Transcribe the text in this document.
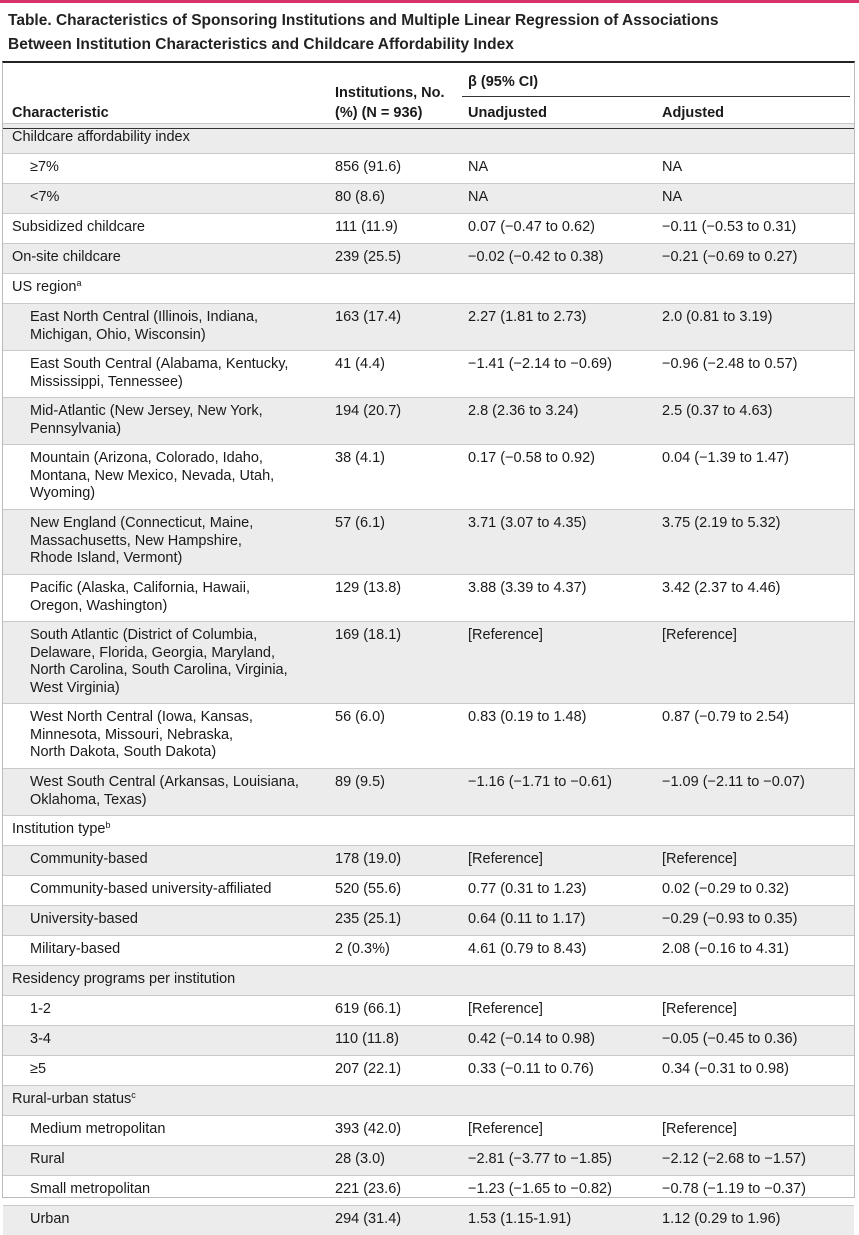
Table. Characteristics of Sponsoring Institutions and Multiple Linear Regression of Associations
Between Institution Characteristics and Childcare Affordability Index
Characteristic
Institutions, No.
(%) (N = 936)
β (95% CI)
Unadjusted	Adjusted
Childcare affordability index
≥7%	856 (91.6)	NA	NA
<7%	80 (8.6)	NA	NA
Subsidized childcare	111 (11.9)	0.07 (−0.47 to 0.62)	−0.11 (−0.53 to 0.31)
On-site childcare	239 (25.5)	−0.02 (−0.42 to 0.38)	−0.21 (−0.69 to 0.27)
US region$^a$
East North Central (Illinois, Indiana,
Michigan, Ohio, Wisconsin)
163 (17.4)	2.27 (1.81 to 2.73)	2.0 (0.81 to 3.19)
East South Central (Alabama, Kentucky,
Mississippi, Tennessee)
41 (4.4)	−1.41 (−2.14 to −0.69)	−0.96 (−2.48 to 0.57)
Mid-Atlantic (New Jersey, New York,
Pennsylvania)
194 (20.7)	2.8 (2.36 to 3.24)	2.5 (0.37 to 4.63)
Mountain (Arizona, Colorado, Idaho,
Montana, New Mexico, Nevada, Utah,
Wyoming)
38 (4.1)	0.17 (−0.58 to 0.92)	0.04 (−1.39 to 1.47)
New England (Connecticut, Maine,
Massachusetts, New Hampshire,
Rhode Island, Vermont)
57 (6.1)	3.71 (3.07 to 4.35)	3.75 (2.19 to 5.32)
Pacific (Alaska, California, Hawaii,
Oregon, Washington)
129 (13.8)	3.88 (3.39 to 4.37)	3.42 (2.37 to 4.46)
South Atlantic (District of Columbia,
Delaware, Florida, Georgia, Maryland,
North Carolina, South Carolina, Virginia,
West Virginia)
169 (18.1)	[Reference]	[Reference]
West North Central (Iowa, Kansas,
Minnesota, Missouri, Nebraska,
North Dakota, South Dakota)
56 (6.0)	0.83 (0.19 to 1.48)	0.87 (−0.79 to 2.54)
West South Central (Arkansas, Louisiana,
Oklahoma, Texas)
89 (9.5)	−1.16 (−1.71 to −0.61)	−1.09 (−2.11 to −0.07)
Institution type$^b$
Community-based	178 (19.0)	[Reference]	[Reference]
Community-based university-affiliated	520 (55.6)	0.77 (0.31 to 1.23)	0.02 (−0.29 to 0.32)
University-based	235 (25.1)	0.64 (0.11 to 1.17)	−0.29 (−0.93 to 0.35)
Military-based	2 (0.3%)	4.61 (0.79 to 8.43)	2.08 (−0.16 to 4.31)
Residency programs per institution
1-2	619 (66.1)	[Reference]	[Reference]
3-4	110 (11.8)	0.42 (−0.14 to 0.98)	−0.05 (−0.45 to 0.36)
≥5	207 (22.1)	0.33 (−0.11 to 0.76)	0.34 (−0.31 to 0.98)
Rural-urban status$^c$
Medium metropolitan	393 (42.0)	[Reference]	[Reference]
Rural	28 (3.0)	−2.81 (−3.77 to −1.85)	−2.12 (−2.68 to −1.57)
Small metropolitan	221 (23.6)	−1.23 (−1.65 to −0.82)	−0.78 (−1.19 to −0.37)
Urban	294 (31.4)	1.53 (1.15-1.91)	1.12 (0.29 to 1.96)
